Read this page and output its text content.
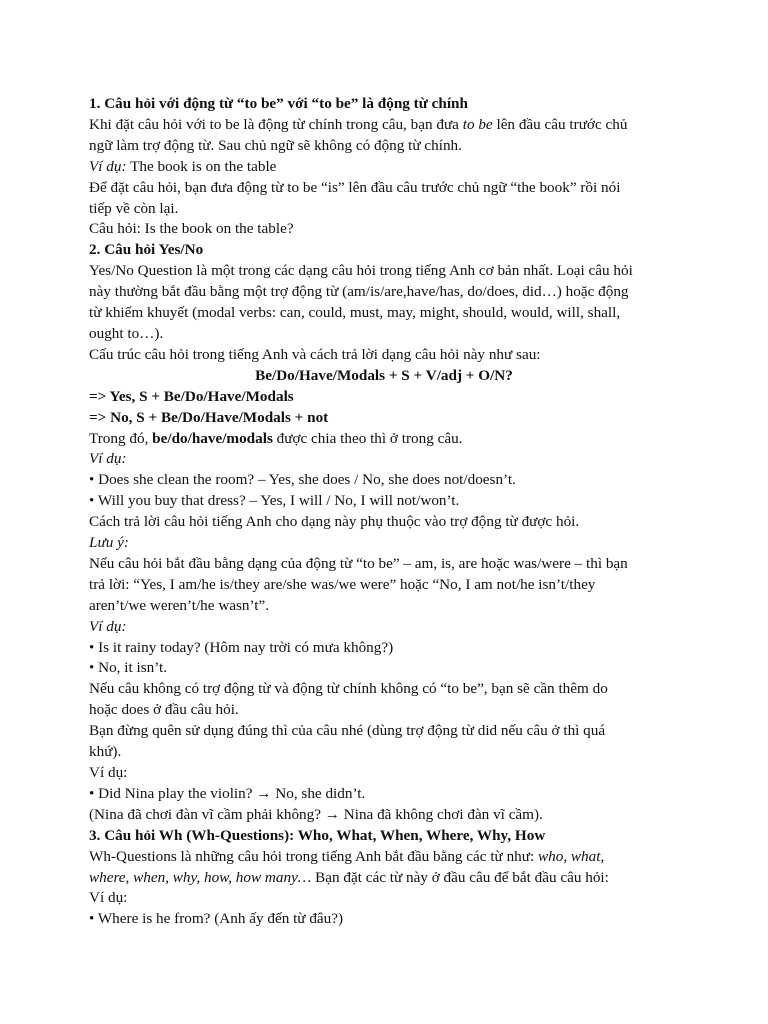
1. Câu hỏi với động từ “to be” với “to be” là động từ chính
Khi đặt câu hỏi với to be là động từ chính trong câu, bạn đưa to be lên đầu câu trước chủ
ngữ làm trợ động từ. Sau chủ ngữ sẽ không có động từ chính.
Ví dụ: The book is on the table
Để đặt câu hỏi, bạn đưa động từ to be “is” lên đầu câu trước chủ ngữ “the book” rồi nói
tiếp về còn lại.
Câu hỏi: Is the book on the table?
2. Câu hỏi Yes/No
Yes/No Question là một trong các dạng câu hỏi trong tiếng Anh cơ bản nhất. Loại câu hỏi
này thường bắt đầu bằng một trợ động từ (am/is/are,have/has, do/does, did…) hoặc động
từ khiếm khuyết (modal verbs: can, could, must, may, might, should, would, will, shall,
ought to…).
Cấu trúc câu hỏi trong tiếng Anh và cách trả lời dạng câu hỏi này như sau:
Be/Do/Have/Modals + S + V/adj + O/N?
=> Yes, S + Be/Do/Have/Modals
=> No, S + Be/Do/Have/Modals + not
Trong đó, be/do/have/modals được chia theo thì ở trong câu.
Ví dụ:
• Does she clean the room? – Yes, she does / No, she does not/doesn’t.
• Will you buy that dress? – Yes, I will / No, I will not/won’t.
Cách trả lời câu hỏi tiếng Anh cho dạng này phụ thuộc vào trợ động từ được hỏi.
Lưu ý:
Nếu câu hỏi bắt đầu bằng dạng của động từ “to be” – am, is, are hoặc was/were – thì bạn
trả lời: “Yes, I am/he is/they are/she was/we were” hoặc “No, I am not/he isn’t/they
aren’t/we weren’t/he wasn’t”.
Ví dụ:
• Is it rainy today? (Hôm nay trời có mưa không?)
• No, it isn’t.
Nếu câu không có trợ động từ và động từ chính không có “to be”, bạn sẽ cần thêm do
hoặc does ở đầu câu hỏi.
Bạn đừng quên sử dụng đúng thì của câu nhé (dùng trợ động từ did nếu câu ở thì quá
khứ).
Ví dụ:
• Did Nina play the violin? → No, she didn’t.
(Nina đã chơi đàn vĩ cầm phải không? → Nina đã không chơi đàn vĩ cầm).
3. Câu hỏi Wh (Wh-Questions): Who, What, When, Where, Why, How
Wh-Questions là những câu hỏi trong tiếng Anh bắt đầu bằng các từ như: who, what,
where, when, why, how, how many… Bạn đặt các từ này ở đầu câu để bắt đầu câu hỏi:
Ví dụ:
• Where is he from? (Anh ấy đến từ đâu?)
